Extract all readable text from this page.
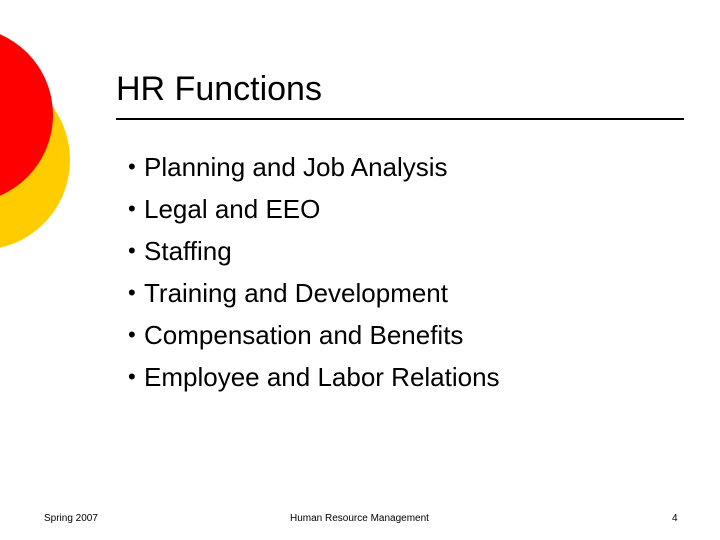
HR Functions
• Planning and Job Analysis
• Legal and EEO
• Staffing
• Training and Development
• Compensation and Benefits
• Employee and Labor Relations
Spring 2007	Human Resource Management	4
